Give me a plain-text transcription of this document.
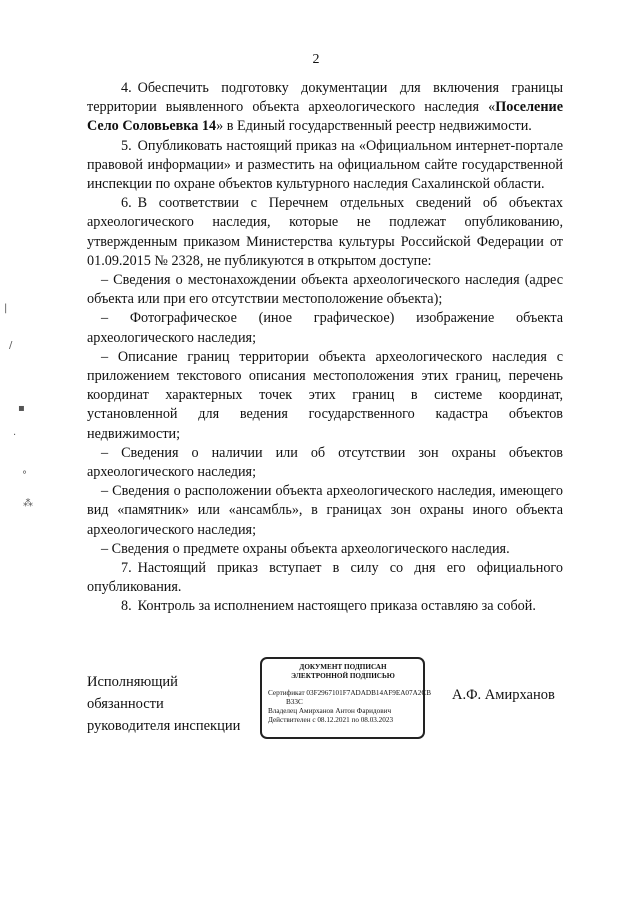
2

4. Обеспечить подготовку документации для включения границы территории выявленного объекта археологического наследия «Поселение Село Соловьевка 14» в Единый государственный реестр недвижимости.

5. Опубликовать настоящий приказ на «Официальном интернет-портале правовой информации» и разместить на официальном сайте государственной инспекции по охране объектов культурного наследия Сахалинской области.

6. В соответствии с Перечнем отдельных сведений об объектах археологического наследия, которые не подлежат опубликованию, утвержденным приказом Министерства культуры Российской Федерации от 01.09.2015 № 2328, не публикуются в открытом доступе:

– Сведения о местонахождении объекта археологического наследия (адрес объекта или при его отсутствии местоположение объекта);

– Фотографическое (иное графическое) изображение объекта археологического наследия;

– Описание границ территории объекта археологического наследия с приложением текстового описания местоположения этих границ, перечень координат характерных точек этих границ в системе координат, установленной для ведения государственного кадастра объектов недвижимости;

– Сведения о наличии или об отсутствии зон охраны объектов археологического наследия;

– Сведения о расположении объекта археологического наследия, имеющего вид «памятник» или «ансамбль», в границах зон охраны иного объекта археологического наследия;

– Сведения о предмете охраны объекта археологического наследия.

7. Настоящий приказ вступает в силу со дня его официального опубликования.

8. Контроль за исполнением настоящего приказа оставляю за собой.

Исполняющий
обязанности
руководителя инспекции
ДОКУМЕНТ ПОДПИСАН
ЭЛЕКТРОННОЙ ПОДПИСЬЮ
Сертификат 03F2967101F7ADADB14AF9EA07A2CB
B33C
Владелец Амирханов Антон Фаридович
Действителен с 08.12.2021 по 08.03.2023
А.Ф. Амирханов
|
/
▪
·
°
⁂
